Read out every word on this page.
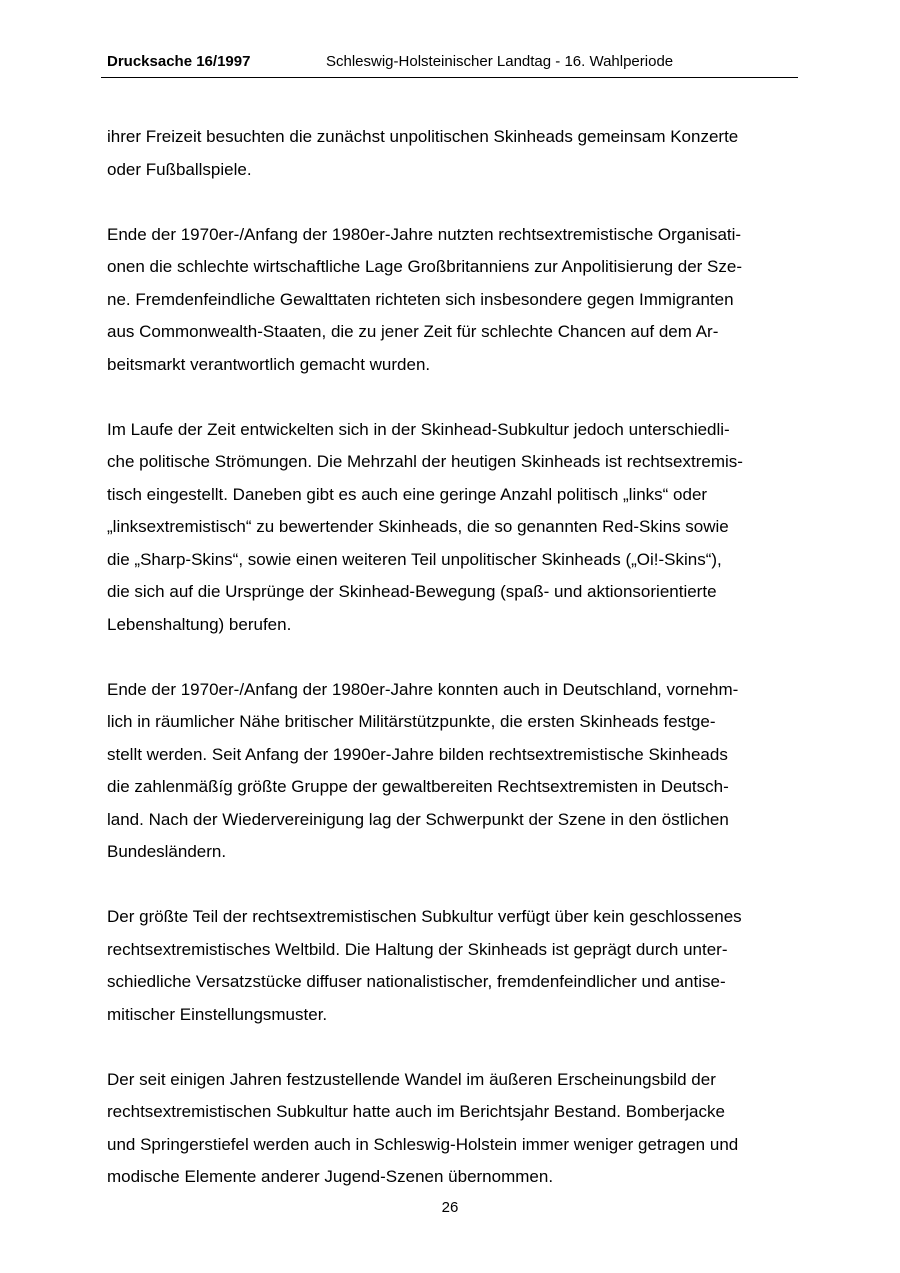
Drucksache 16/1997	Schleswig-Holsteinischer Landtag - 16. Wahlperiode

ihrer Freizeit besuchten die zunächst unpolitischen Skinheads gemeinsam Konzerte
oder Fußballspiele.

Ende der 1970er-/Anfang der 1980er-Jahre nutzten rechtsextremistische Organisati-
onen die schlechte wirtschaftliche Lage Großbritanniens zur Anpolitisierung der Sze-
ne. Fremdenfeindliche Gewalttaten richteten sich insbesondere gegen Immigranten
aus Commonwealth-Staaten, die zu jener Zeit für schlechte Chancen auf dem Ar-
beitsmarkt verantwortlich gemacht wurden.

Im Laufe der Zeit entwickelten sich in der Skinhead-Subkultur jedoch unterschiedli-
che politische Strömungen. Die Mehrzahl der heutigen Skinheads ist rechtsextremis-
tisch eingestellt. Daneben gibt es auch eine geringe Anzahl politisch „links“ oder
„linksextremistisch“ zu bewertender Skinheads, die so genannten Red-Skins sowie
die „Sharp-Skins“, sowie einen weiteren Teil unpolitischer Skinheads („Oi!-Skins“),
die sich auf die Ursprünge der Skinhead-Bewegung (spaß- und aktionsorientierte
Lebenshaltung) berufen.

Ende der 1970er-/Anfang der 1980er-Jahre konnten auch in Deutschland, vornehm-
lich in räumlicher Nähe britischer Militärstützpunkte, die ersten Skinheads festge-
stellt werden. Seit Anfang der 1990er-Jahre bilden rechtsextremistische Skinheads
die zahlenmäßíg größte Gruppe der gewaltbereiten Rechtsextremisten in Deutsch-
land. Nach der Wiedervereinigung lag der Schwerpunkt der Szene in den östlichen
Bundesländern.

Der größte Teil der rechtsextremistischen Subkultur verfügt über kein geschlossenes
rechtsextremistisches Weltbild. Die Haltung der Skinheads ist geprägt durch unter-
schiedliche Versatzstücke diffuser nationalistischer, fremdenfeindlicher und antise-
mitischer Einstellungsmuster.

Der seit einigen Jahren festzustellende Wandel im äußeren Erscheinungsbild der
rechtsextremistischen Subkultur hatte auch im Berichtsjahr Bestand. Bomberjacke
und Springerstiefel werden auch in Schleswig-Holstein immer weniger getragen und
modische Elemente anderer Jugend-Szenen übernommen.

26
